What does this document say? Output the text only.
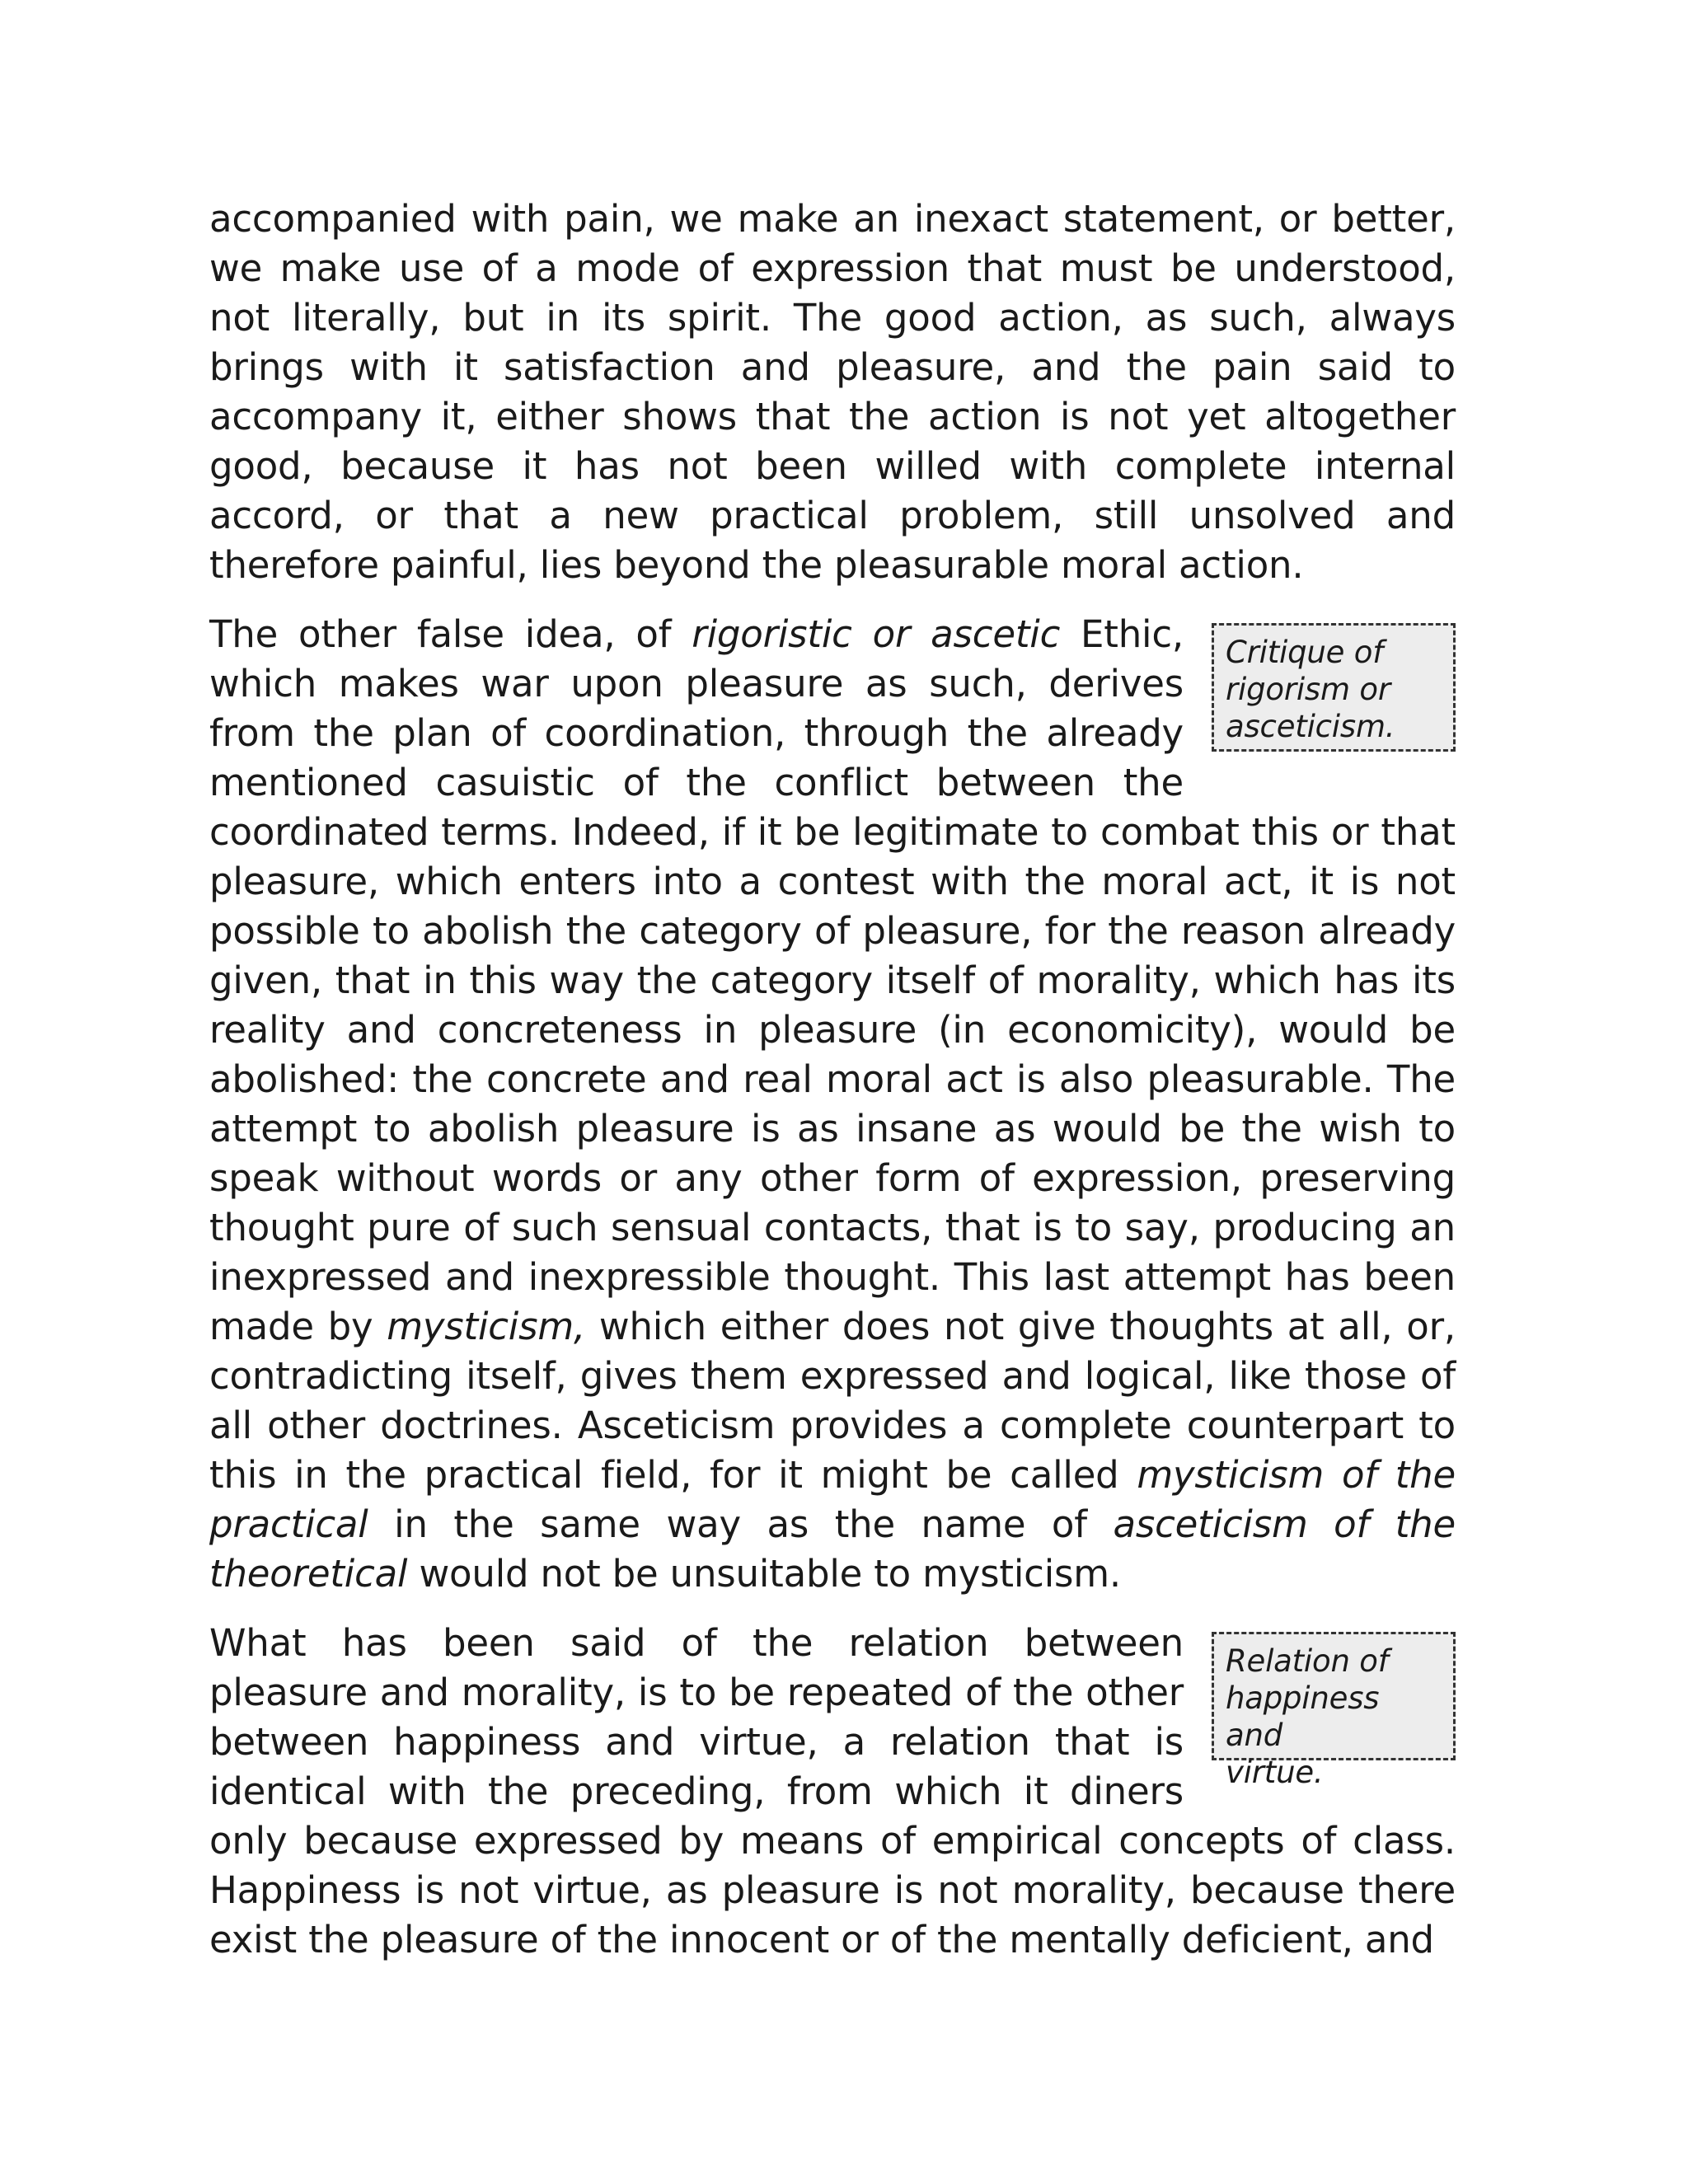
accompanied with pain, we make an inexact statement, or better, we make use of a mode of expression that must be understood, not literally, but in its spirit. The good action, as such, always brings with it satisfaction and pleasure, and the pain said to accompany it, either shows that the action is not yet altogether good, because it has not been willed with complete internal accord, or that a new practical problem, still unsolved and therefore painful, lies beyond the pleasurable moral action.

Critique of
rigorism or
asceticism.
The other false idea, of rigoristic or ascetic Ethic, which makes war upon pleasure as such, derives from the plan of coordination, through the already mentioned casuistic of the conflict between the coordinated terms. Indeed, if it be legitimate to combat this or that pleasure, which enters into a contest with the moral act, it is not possible to abolish the category of pleasure, for the reason already given, that in this way the category itself of morality, which has its reality and concreteness in pleasure (in economicity), would be abolished: the concrete and real moral act is also pleasurable. The attempt to abolish pleasure is as insane as would be the wish to speak without words or any other form of expression, preserving thought pure of such sensual contacts, that is to say, producing an inexpressed and inexpressible thought. This last attempt has been made by mysticism, which either does not give thoughts at all, or, contradicting itself, gives them expressed and logical, like those of all other doctrines. Asceticism provides a complete counterpart to this in the practical field, for it might be called mysticism of the practical in the same way as the name of asceticism of the theoretical would not be unsuitable to mysticism.

Relation of
happiness and
virtue.
What has been said of the relation between pleasure and morality, is to be repeated of the other between happiness and virtue, a relation that is identical with the preceding, from which it diners only because expressed by means of empirical concepts of class. Happiness is not virtue, as pleasure is not morality, because there exist the pleasure of the innocent or of the mentally deficient, and
